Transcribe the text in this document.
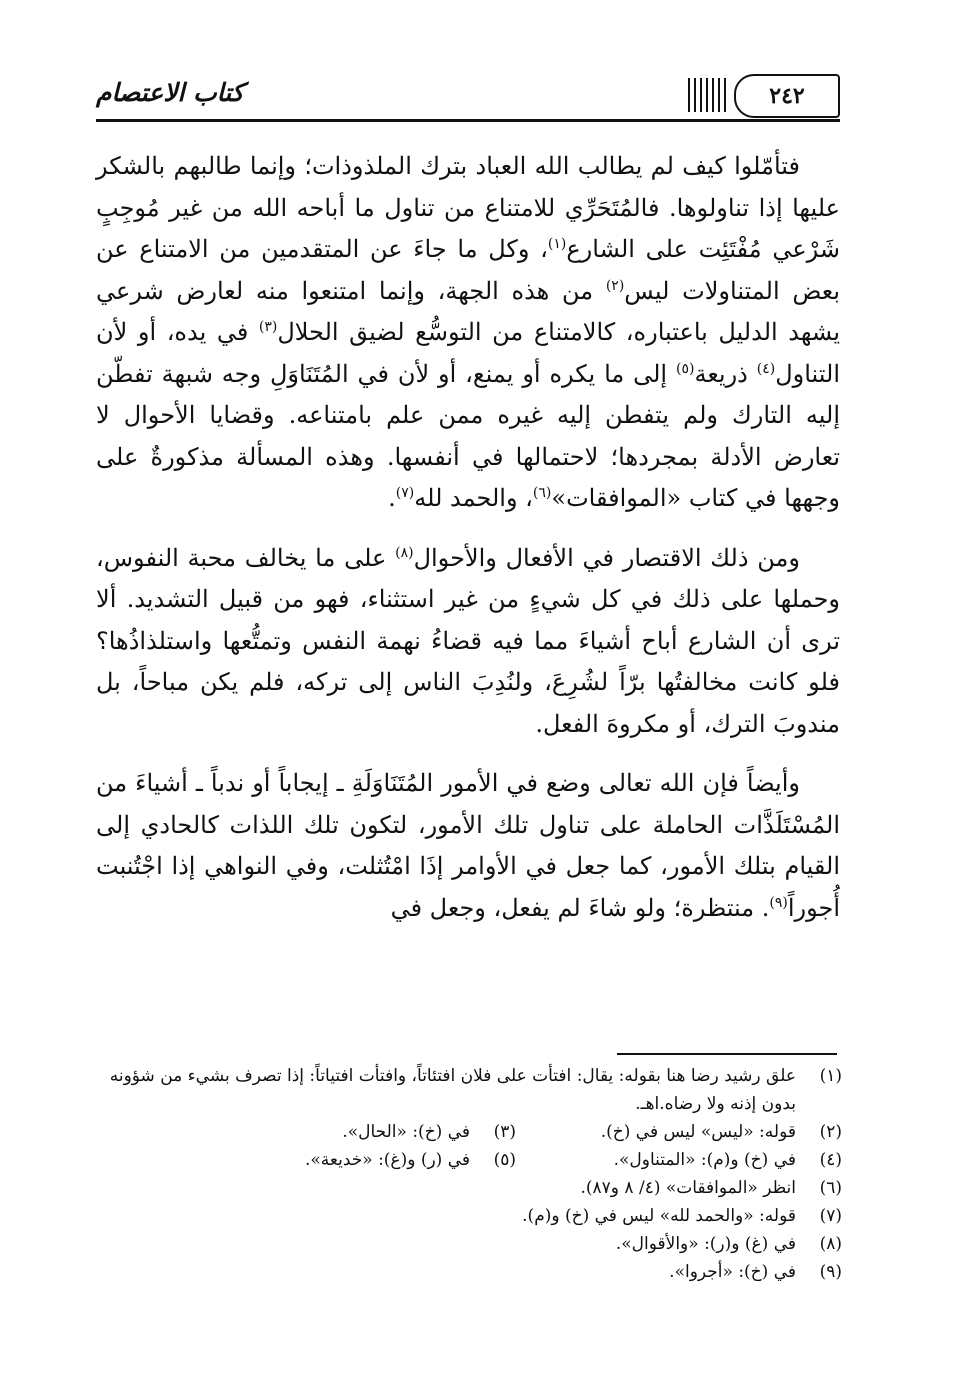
كتاب الاعتصام	٢٤٢

فتأمّلوا كيف لم يطالب الله العباد بترك الملذوذات؛ وإنما طالبهم بالشكر عليها إذا تناولوها. فالمُتَحَرِّي للامتناع من تناول ما أباحه الله من غير مُوجِبٍ شَرْعي مُفْتَئِت على الشارع$^{(١)}$، وكل ما جاءَ عن المتقدمين من الامتناع عن بعض المتناولات ليس$^{(٢)}$ من هذه الجهة، وإنما امتنعوا منه لعارض شرعي يشهد الدليل باعتباره، كالامتناع من التوسُّع لضيق الحلال$^{(٣)}$ في يده، أو لأن التناول$^{(٤)}$ ذريعة$^{(٥)}$ إلى ما يكره أو يمنع، أو لأن في المُتَنَاوَلِ وجه شبهة تفطّن إليه التارك ولم يتفطن إليه غيره ممن علم بامتناعه. وقضايا الأحوال لا تعارض الأدلة بمجردها؛ لاحتمالها في أنفسها. وهذه المسألة مذكورةٌ على وجهها في كتاب «الموافقات»$^{(٦)}$، والحمد لله$^{(٧)}$.

ومن ذلك الاقتصار في الأفعال والأحوال$^{(٨)}$ على ما يخالف محبة النفوس، وحملها على ذلك في كل شيءٍ من غير استثناء، فهو من قبيل التشديد. ألا ترى أن الشارع أباح أشياءَ مما فيه قضاءُ نهمة النفس وتمتُّعها واستلذاذُها؟ فلو كانت مخالفتُها برّاً لشُرِعَ، ولنُدِبَ الناس إلى تركه، فلم يكن مباحاً، بل مندوبَ الترك، أو مكروهَ الفعل.

وأيضاً فإن الله تعالى وضع في الأمور المُتَنَاوَلَةِ ـ إيجاباً أو ندباً ـ أشياءَ من المُسْتَلَذَّات الحاملة على تناول تلك الأمور، لتكون تلك اللذات كالحادي إلى القيام بتلك الأمور، كما جعل في الأوامر إذَا امْتُثلت، وفي النواهي إذا اجْتُنبت أُجوراً$^{(٩)}$. منتظرة؛ ولو شاءَ لم يفعل، وجعل في

(١)
علق رشيد رضا هنا بقوله: يقال: افتأت على فلان افتئاتاً، وافتأت افتياتاً: إذا تصرف بشيء من شؤونه بدون إذنه ولا رضاه.اهـ.
(٢)
قوله: «ليس» ليس في (خ).
(٣)
في (خ): «الحال».
(٤)
في (خ) و(م): «المتناول».
(٥)
في (ر) و(غ): «خديعة».
(٦)
انظر «الموافقات» (٤/ ٨ و٨٧).
(٧)
قوله: «والحمد لله» ليس في (خ) و(م).
(٨)
في (غ) و(ر): «والأقوال».
(٩)
في (خ): «أجروا».
